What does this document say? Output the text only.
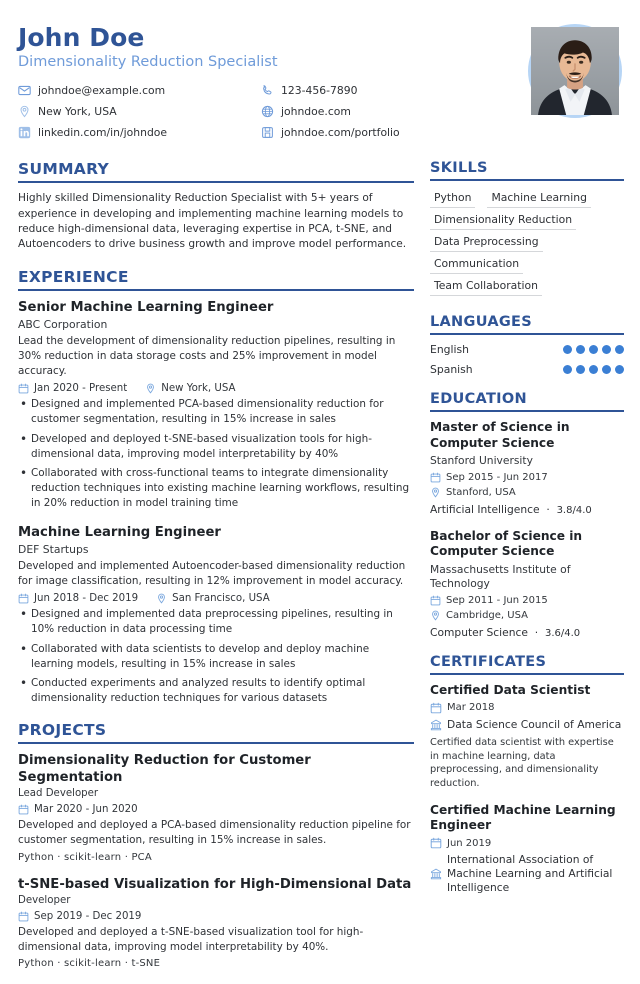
John Doe
Dimensionality Reduction Specialist
johndoe@example.com	123-456-7890
New York, USA	johndoe.com
linkedin.com/in/johndoe	johndoe.com/portfolio
SUMMARY
Highly skilled Dimensionality Reduction Specialist with 5+ years of experience in developing and implementing machine learning models to reduce high-dimensional data, leveraging expertise in PCA, t-SNE, and Autoencoders to drive business growth and improve model performance.
EXPERIENCE
Senior Machine Learning Engineer
ABC Corporation
Lead the development of dimensionality reduction pipelines, resulting in 30% reduction in data storage costs and 25% improvement in model accuracy.
Jan 2020 - Present	New York, USA
• Designed and implemented PCA-based dimensionality reduction for customer segmentation, resulting in 15% increase in sales
• Developed and deployed t-SNE-based visualization tools for high-dimensional data, improving model interpretability by 40%
• Collaborated with cross-functional teams to integrate dimensionality reduction techniques into existing machine learning workflows, resulting in 20% reduction in model training time
Machine Learning Engineer
DEF Startups
Developed and implemented Autoencoder-based dimensionality reduction for image classification, resulting in 12% improvement in model accuracy.
Jun 2018 - Dec 2019	San Francisco, USA
• Designed and implemented data preprocessing pipelines, resulting in 10% reduction in data processing time
• Collaborated with data scientists to develop and deploy machine learning models, resulting in 15% increase in sales
• Conducted experiments and analyzed results to identify optimal dimensionality reduction techniques for various datasets
PROJECTS
Dimensionality Reduction for Customer Segmentation
Lead Developer
Mar 2020 - Jun 2020
Developed and deployed a PCA-based dimensionality reduction pipeline for customer segmentation, resulting in 15% increase in sales.
Python · scikit-learn · PCA
t-SNE-based Visualization for High-Dimensional Data
Developer
Sep 2019 - Dec 2019
Developed and deployed a t-SNE-based visualization tool for high-dimensional data, improving model interpretability by 40%.
Python · scikit-learn · t-SNE
SKILLS
Python	Machine Learning
Dimensionality Reduction
Data Preprocessing
Communication
Team Collaboration
LANGUAGES
English
Spanish
EDUCATION
Master of Science in Computer Science
Stanford University
Sep 2015 - Jun 2017
Stanford, USA
Artificial Intelligence  ·  3.8/4.0
Bachelor of Science in Computer Science
Massachusetts Institute of Technology
Sep 2011 - Jun 2015
Cambridge, USA
Computer Science  ·  3.6/4.0
CERTIFICATES
Certified Data Scientist
Mar 2018
Data Science Council of America
Certified data scientist with expertise in machine learning, data preprocessing, and dimensionality reduction.
Certified Machine Learning Engineer
Jun 2019
International Association of Machine Learning and Artificial Intelligence
